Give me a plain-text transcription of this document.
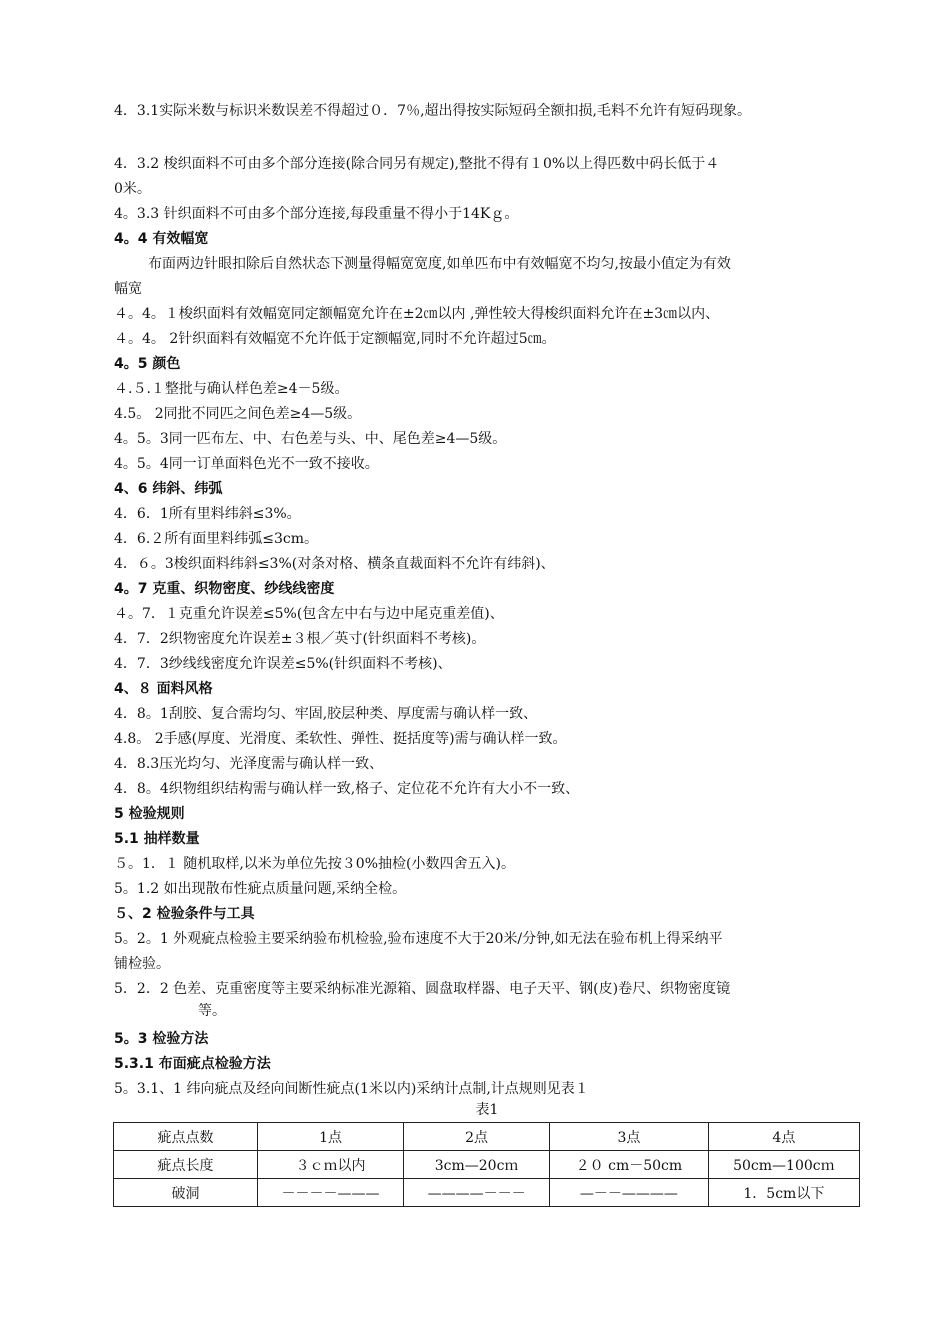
4．3.1实际米数与标识米数误差不得超过０．7％,超出得按实际短码全额扣损,毛料不允许有短码现象。
4．3.2 梭织面料不可由多个部分连接(除合同另有规定),整批不得有１0%以上得匹数中码长低于４
0米。
4。3.3 针织面料不可由多个部分连接,每段重量不得小于14Kｇ。
4。4 有效幅宽
布面两边针眼扣除后自然状态下测量得幅宽宽度,如单匹布中有效幅宽不均匀,按最小值定为有效
幅宽
４。4。１梭织面料有效幅宽同定额幅宽允许在±2㎝以内 ,弹性较大得梭织面料允许在±3㎝以内、
４。4。 2针织面料有效幅宽不允许低于定额幅宽,同时不允许超过5㎝。
4。5 颜色
４.５.１整批与确认样色差≥4－5级。
4.5。 2同批不同匹之间色差≥4—5级。
4。5。3同一匹布左、中、右色差与头、中、尾色差≥4—5级。
4。5。4同一订单面料色光不一致不接收。
4、6 纬斜、纬弧
4．6．1所有里料纬斜≤3%。
4．6.２所有面里料纬弧≤3cm。
4．６。3梭织面料纬斜≤3%(对条对格、横条直裁面料不允许有纬斜)、
4。7 克重、织物密度、纱线线密度
４。7．１克重允许误差≤5%(包含左中右与边中尾克重差值)、
4．7．2织物密度允许误差±３根／英寸(针织面料不考核)。
4．7．3纱线线密度允许误差≤5%(针织面料不考核)、
4、８ 面料风格
4．8。1刮胶、复合需均匀、牢固,胶层种类、厚度需与确认样一致、
4.8。 2手感(厚度、光滑度、柔软性、弹性、挺括度等)需与确认样一致。
4．8.3压光均匀、光泽度需与确认样一致、
4．8。4织物组织结构需与确认样一致,格子、定位花不允许有大小不一致、
5 检验规则
5.1 抽样数量
５。1．１ 随机取样,以米为单位先按３0%抽检(小数四舍五入)。
5。1.2 如出现散布性疵点质量问题,采纳全检。
５、2 检验条件与工具
5。2。1 外观疵点检验主要采纳验布机检验,验布速度不大于20米/分钟,如无法在验布机上得采纳平
铺检验。
5．2．2 色差、克重密度等主要采纳标准光源箱、圆盘取样器、电子天平、钢(皮)卷尺、织物密度镜
等。
5。3 检验方法
5.3.1 布面疵点检验方法
5。3.1、1 纬向疵点及经向间断性疵点(1米以内)采纳计点制,计点规则见表１
表1
疵点点数	1点	2点	3点	4点
疵点长度	３ｃｍ以内	3cm—20cｍ	２０ cm－50cm	50cm—100cｍ
破洞	－－－－———	————－－－	—－－————	1．5cm以下
